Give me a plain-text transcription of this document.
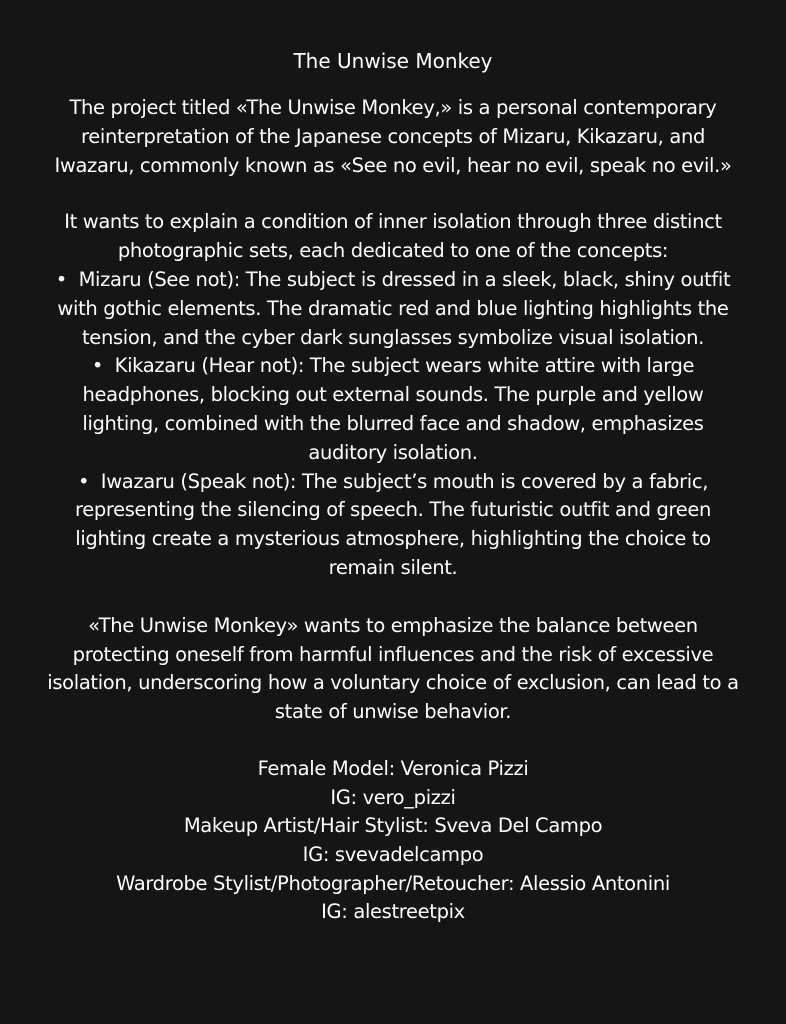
The Unwise Monkey

The project titled «The Unwise Monkey,» is a personal contemporary reinterpretation of the Japanese concepts of Mizaru, Kikazaru, and Iwazaru, commonly known as «See no evil, hear no evil, speak no evil.»

It wants to explain a condition of inner isolation through three distinct photographic sets, each dedicated to one of the concepts:

•  Mizaru (See not): The subject is dressed in a sleek, black, shiny outfit with gothic elements. The dramatic red and blue lighting highlights the tension, and the cyber dark sunglasses symbolize visual isolation.

•  Kikazaru (Hear not): The subject wears white attire with large headphones, blocking out external sounds. The purple and yellow lighting, combined with the blurred face and shadow, emphasizes auditory isolation.

•  Iwazaru (Speak not): The subject’s mouth is covered by a fabric, representing the silencing of speech. The futuristic outfit and green lighting create a mysterious atmosphere, highlighting the choice to remain silent.

«The Unwise Monkey» wants to emphasize the balance between protecting oneself from harmful influences and the risk of excessive isolation, underscoring how a voluntary choice of exclusion, can lead to a state of unwise behavior.

Female Model: Veronica Pizzi
IG: vero_pizzi
Makeup Artist/Hair Stylist: Sveva Del Campo
IG: svevadelcampo
Wardrobe Stylist/Photographer/Retoucher: Alessio Antonini
IG: alestreetpix
